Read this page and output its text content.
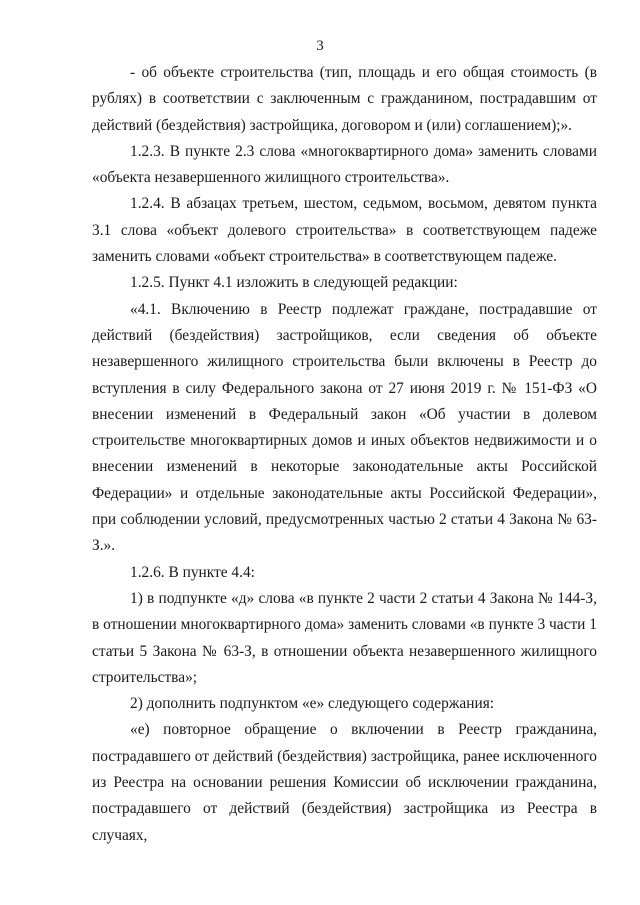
3

- об объекте строительства (тип, площадь и его общая стоимость (в рублях) в соответствии с заключенным с гражданином, пострадавшим от действий (бездействия) застройщика, договором и (или) соглашением);».

1.2.3. В пункте 2.3 слова «многоквартирного дома» заменить словами «объекта незавершенного жилищного строительства».

1.2.4. В абзацах третьем, шестом, седьмом, восьмом, девятом пункта 3.1 слова «объект долевого строительства» в соответствующем падеже заменить словами «объект строительства» в соответствующем падеже.

1.2.5. Пункт 4.1 изложить в следующей редакции:

«4.1. Включению в Реестр подлежат граждане, пострадавшие от действий (бездействия) застройщиков, если сведения об объекте незавершенного жилищного строительства были включены в Реестр до вступления в силу Федерального закона от 27 июня 2019 г. № 151-ФЗ «О внесении изменений в Федеральный закон «Об участии в долевом строительстве многоквартирных домов и иных объектов недвижимости и о внесении изменений в некоторые законодательные акты Российской Федерации» и отдельные законодательные акты Российской Федерации», при соблюдении условий, предусмотренных частью 2 статьи 4 Закона № 63-З.».

1.2.6. В пункте 4.4:

1) в подпункте «д» слова «в пункте 2 части 2 статьи 4 Закона № 144-З, в отношении многоквартирного дома» заменить словами «в пункте 3 части 1 статьи 5 Закона № 63-З, в отношении объекта незавершенного жилищного строительства»;

2) дополнить подпунктом «е» следующего содержания:

«е) повторное обращение о включении в Реестр гражданина, пострадавшего от действий (бездействия) застройщика, ранее исключенного из Реестра на основании решения Комиссии об исключении гражданина, пострадавшего от действий (бездействия) застройщика из Реестра в случаях,
